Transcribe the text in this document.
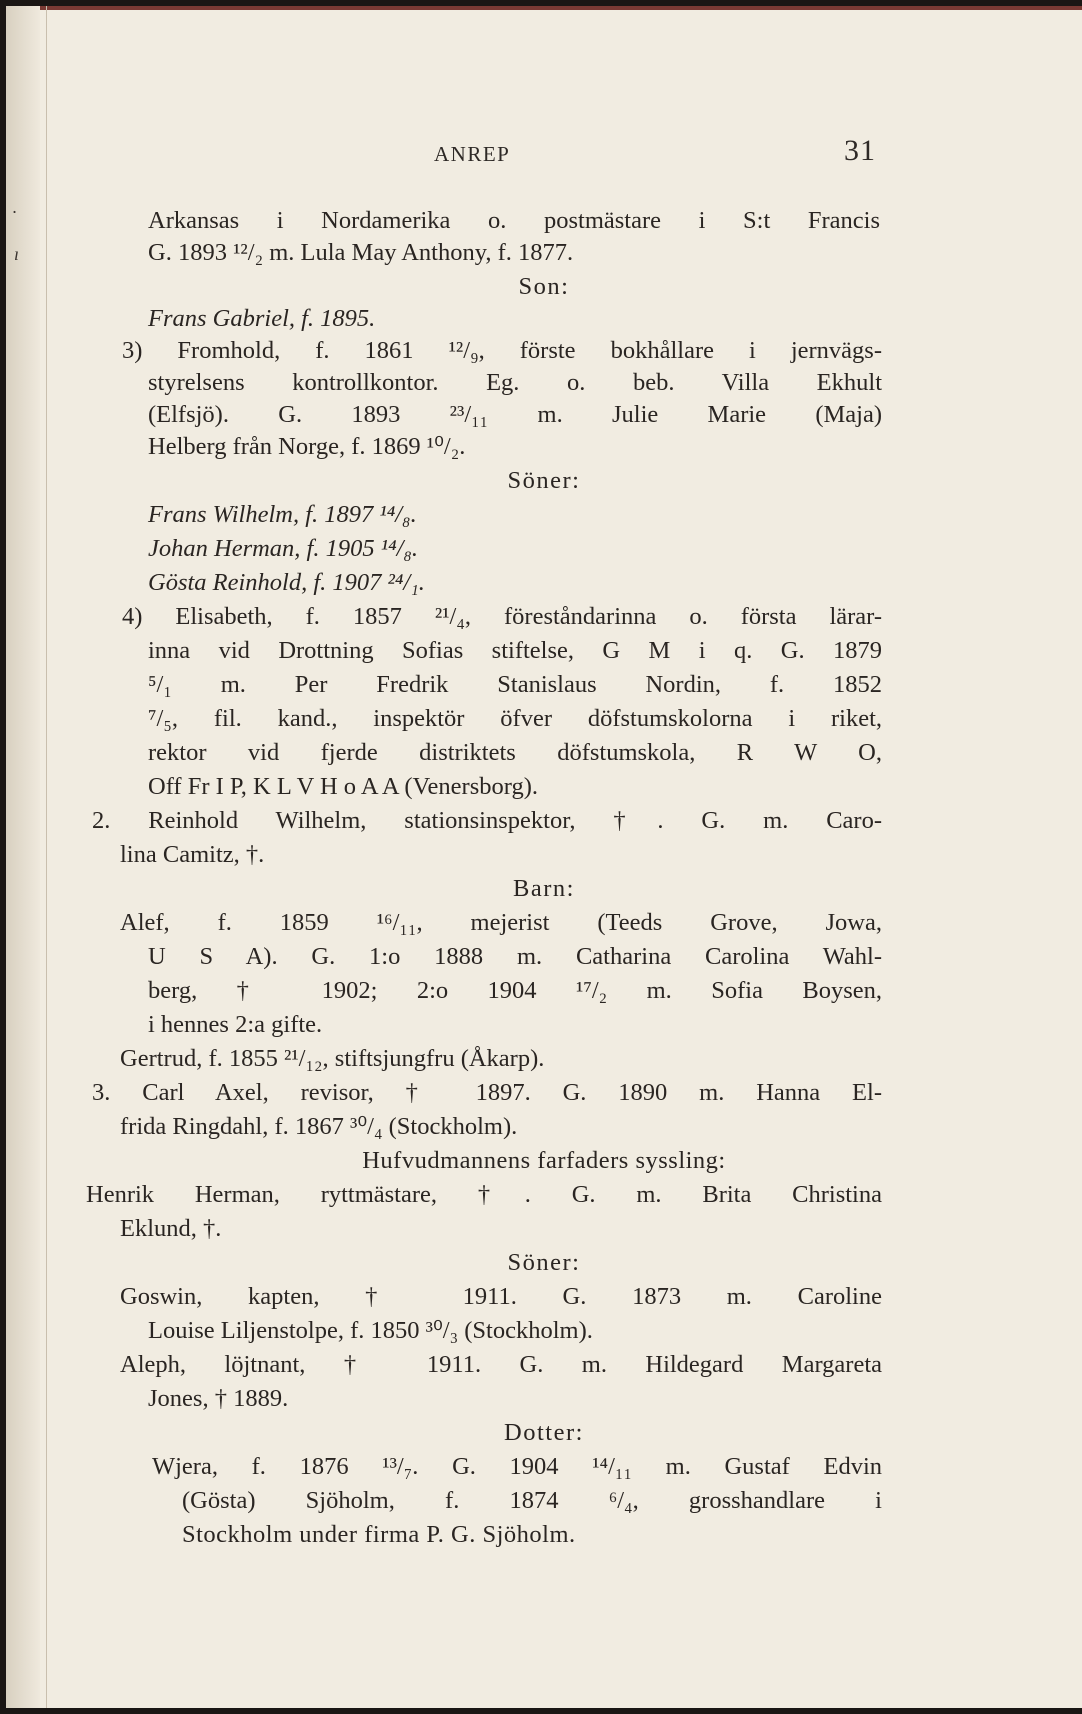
·
ı
ANREP	31
Arkansas i Nordamerika o. postmästare i S:t Francis
G. 1893 ¹²/₂ m. Lula May Anthony, f. 1877.
Son:
Frans Gabriel, f. 1895.
3) Fromhold, f. 1861 ¹²/₉, förste bokhållare i jernvägs-
styrelsens kontrollkontor. Eg. o. beb. Villa Ekhult
(Elfsjö). G. 1893 ²³/₁₁ m. Julie Marie (Maja)
Helberg från Norge, f. 1869 ¹⁰/₂.
Söner:
Frans Wilhelm, f. 1897 ¹⁴/₈.
Johan Herman, f. 1905 ¹⁴/₈.
Gösta Reinhold, f. 1907 ²⁴/₁.
4) Elisabeth, f. 1857 ²¹/₄, föreståndarinna o. första lärar-
inna vid Drottning Sofias stiftelse, G M i q. G. 1879
⁵/₁ m. Per Fredrik Stanislaus Nordin, f. 1852
⁷/₅, fil. kand., inspektör öfver döfstumskolorna i riket,
rektor vid fjerde distriktets döfstumskola, R W O,
Off Fr I P, K L V H o A A (Venersborg).
2. Reinhold Wilhelm, stationsinspektor, †. G. m. Caro-
lina Camitz, †.
Barn:
Alef, f. 1859 ¹⁶/₁₁, mejerist (Teeds Grove, Jowa,
U S A). G. 1:o 1888 m. Catharina Carolina Wahl-
berg, † 1902; 2:o 1904 ¹⁷/₂ m. Sofia Boysen,
i hennes 2:a gifte.
Gertrud, f. 1855 ²¹/₁₂, stiftsjungfru (Åkarp).
3. Carl Axel, revisor, † 1897. G. 1890 m. Hanna El-
frida Ringdahl, f. 1867 ³⁰/₄ (Stockholm).
Hufvudmannens farfaders syssling:
Henrik Herman, ryttmästare, †. G. m. Brita Christina
Eklund, †.
Söner:
Goswin, kapten, † 1911. G. 1873 m. Caroline
Louise Liljenstolpe, f. 1850 ³⁰/₃ (Stockholm).
Aleph, löjtnant, † 1911. G. m. Hildegard Margareta
Jones, † 1889.
Dotter:
Wjera, f. 1876 ¹³/₇. G. 1904 ¹⁴/₁₁ m. Gustaf Edvin
(Gösta) Sjöholm, f. 1874 ⁶/₄, grosshandlare i
Stockholm under firma P. G. Sjöholm.
